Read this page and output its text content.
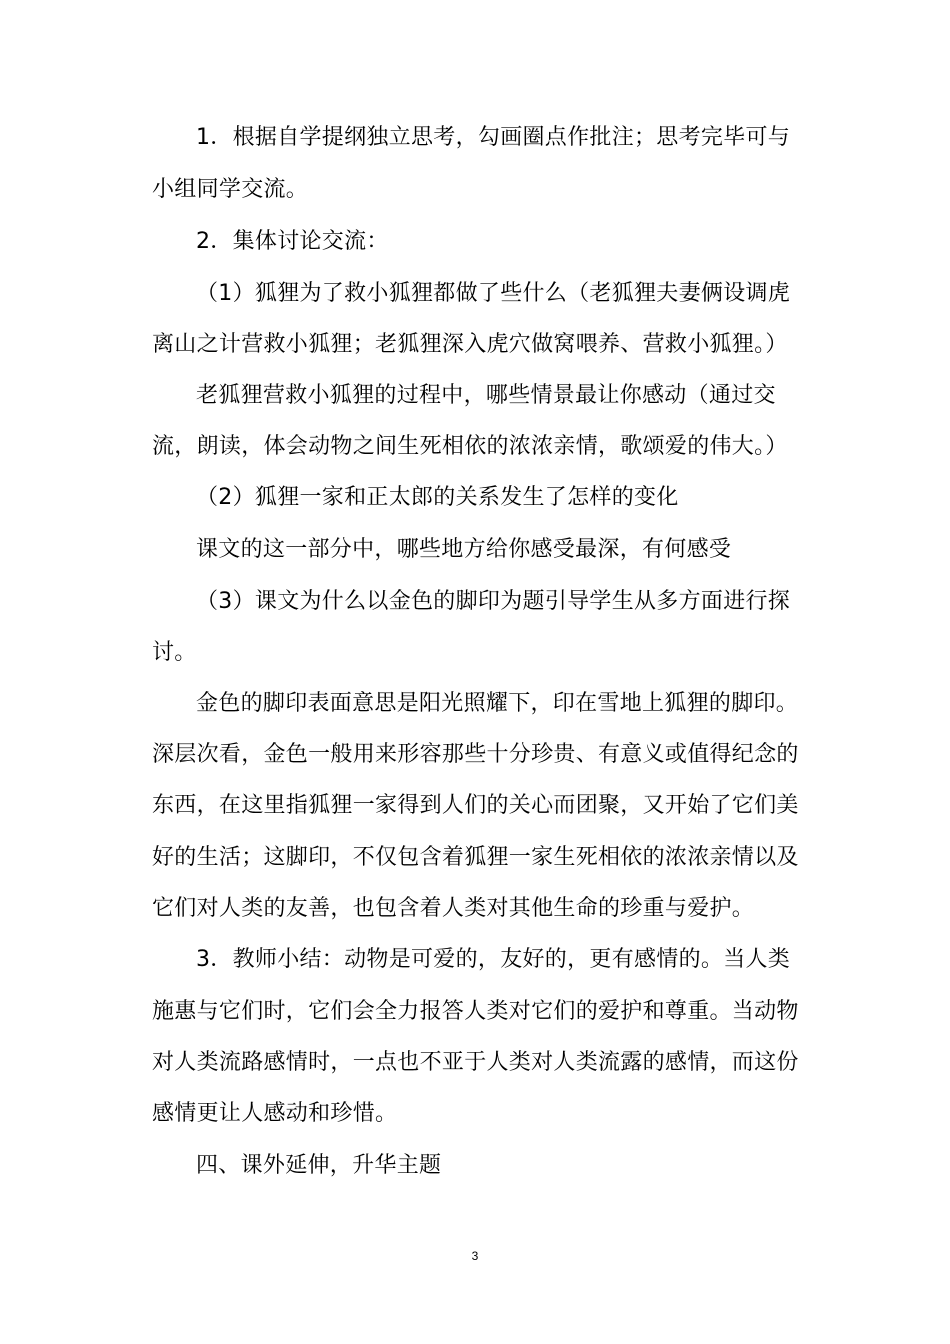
1．根据自学提纲独立思考，勾画圈点作批注；思考完毕可与
小组同学交流。
2．集体讨论交流：
（1）狐狸为了救小狐狸都做了些什么（老狐狸夫妻俩设调虎
离山之计营救小狐狸；老狐狸深入虎穴做窝喂养、营救小狐狸。）
老狐狸营救小狐狸的过程中，哪些情景最让你感动（通过交
流，朗读，体会动物之间生死相依的浓浓亲情，歌颂爱的伟大。）
（2）狐狸一家和正太郎的关系发生了怎样的变化
课文的这一部分中，哪些地方给你感受最深，有何感受
（3）课文为什么以金色的脚印为题引导学生从多方面进行探
讨。
金色的脚印表面意思是阳光照耀下，印在雪地上狐狸的脚印。
深层次看，金色一般用来形容那些十分珍贵、有意义或值得纪念的
东西，在这里指狐狸一家得到人们的关心而团聚，又开始了它们美
好的生活；这脚印，不仅包含着狐狸一家生死相依的浓浓亲情以及
它们对人类的友善，也包含着人类对其他生命的珍重与爱护。
3．教师小结：动物是可爱的，友好的，更有感情的。当人类
施惠与它们时，它们会全力报答人类对它们的爱护和尊重。当动物
对人类流路感情时，一点也不亚于人类对人类流露的感情，而这份
感情更让人感动和珍惜。
四、课外延伸，升华主题
3
